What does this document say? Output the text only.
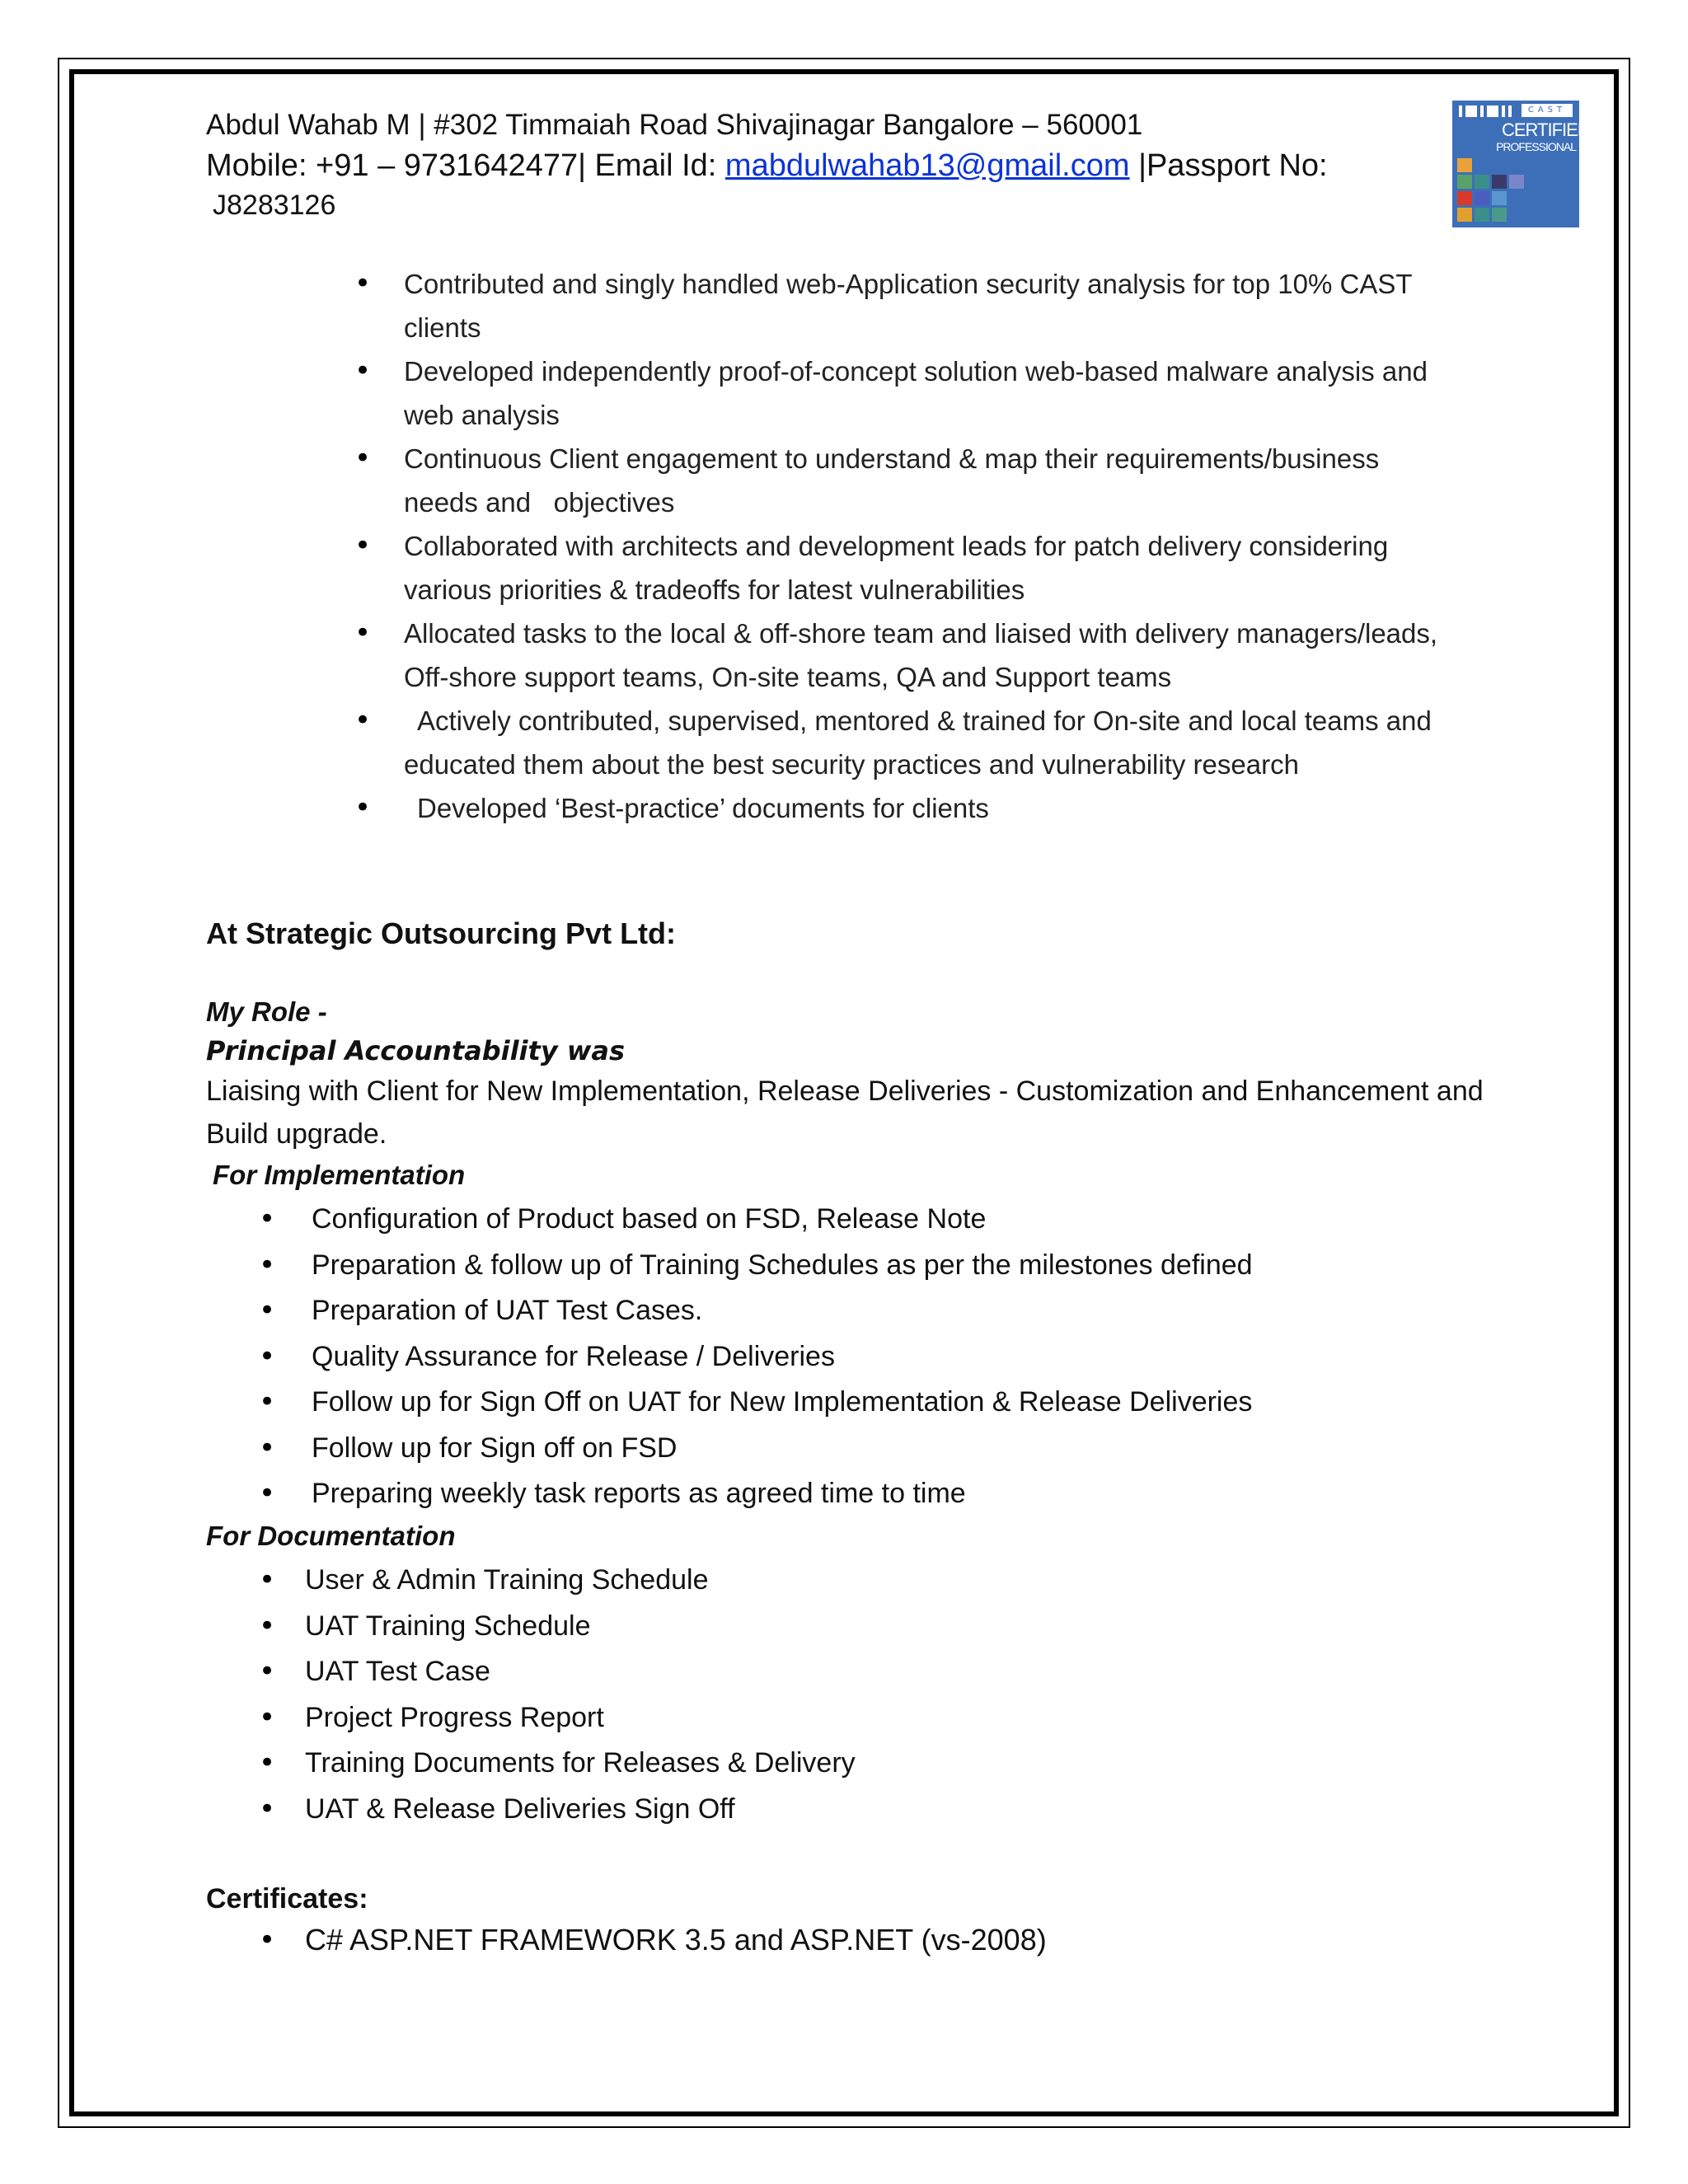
Abdul Wahab M | #302 Timmaiah Road Shivajinagar Bangalore – 560001

Mobile: +91 – 9731642477| Email Id: mabdulwahab13@gmail.com |Passport No:

J8283126

CAST
CERTIFIED
PROFESSIONAL
• Contributed and singly handled web-Application security analysis for top 10% CAST
clients
• Developed independently proof-of-concept solution web-based malware analysis and
web analysis
• Continuous Client engagement to understand & map their requirements/business
needs and   objectives
• Collaborated with architects and development leads for patch delivery considering
various priorities & tradeoffs for latest vulnerabilities
• Allocated tasks to the local & off-shore team and liaised with delivery managers/leads,
Off-shore support teams, On-site teams, QA and Support teams
• Actively contributed, supervised, mentored & trained for On-site and local teams and
educated them about the best security practices and vulnerability research
• Developed ‘Best-practice’ documents for clients

At Strategic Outsourcing Pvt Ltd:

My Role -

Principal Accountability was

Liaising with Client for New Implementation, Release Deliveries - Customization and Enhancement and Build upgrade.

For Implementation

• Configuration of Product based on FSD, Release Note
• Preparation & follow up of Training Schedules as per the milestones defined
• Preparation of UAT Test Cases.
• Quality Assurance for Release / Deliveries
• Follow up for Sign Off on UAT for New Implementation & Release Deliveries
• Follow up for Sign off on FSD
• Preparing weekly task reports as agreed time to time

For Documentation

• User & Admin Training Schedule
• UAT Training Schedule
• UAT Test Case
• Project Progress Report
• Training Documents for Releases & Delivery
• UAT & Release Deliveries Sign Off

Certificates:

• C# ASP.NET FRAMEWORK 3.5 and ASP.NET (vs-2008)
